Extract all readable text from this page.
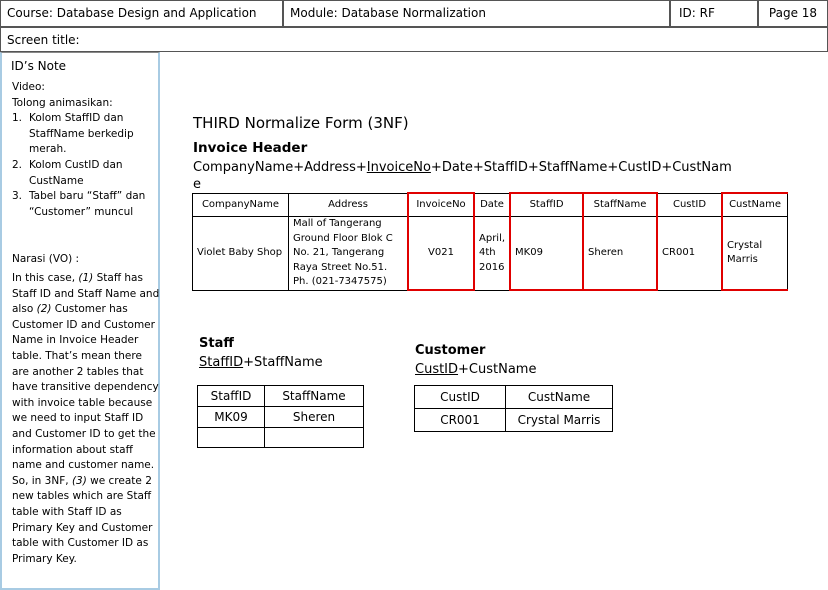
Course: Database Design and Application	Module: Database Normalization	ID: RF	Page 18
Screen title:
ID’s Note
Video:
Tolong animasikan:
1. Kolom StaffID dan StaffName berkedip merah.
2. Kolom CustID dan CustName
3. Tabel baru “Staff” dan “Customer” muncul
Narasi (VO) :
In this case, (1) Staff has Staff ID and Staff Name and also (2) Customer has Customer ID and Customer Name in Invoice Header table. That’s mean there are another 2 tables that have transitive dependency with invoice table because we need to input Staff ID and Customer ID to get the information about staff name and customer name. So, in 3NF, (3) we create 2 new tables which are Staff table with Staff ID as Primary Key and Customer table with Customer ID as Primary Key.
THIRD Normalize Form (3NF)
Invoice Header
CompanyName+Address+InvoiceNo+Date+StaffID+StaffName+CustID+CustNam
e
CompanyName	Address	InvoiceNo	Date	StaffID	StaffName	CustID	CustName
Violet Baby Shop	Mall of Tangerang Ground Floor Blok C No. 21, Tangerang Raya Street No.51. Ph. (021-7347575)	V021	April, 4th 2016	MK09	Sheren	CR001	Crystal Marris
Staff
StaffID+StaffName
StaffID	StaffName
MK09	Sheren

Customer
CustID+CustName
CustID	CustName
CR001	Crystal Marris
